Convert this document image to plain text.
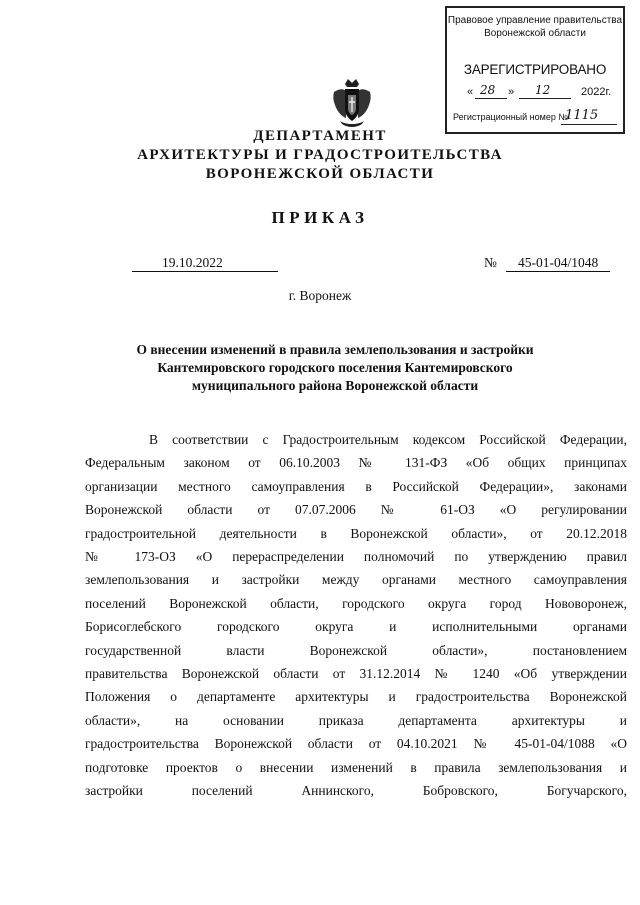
Правовое управление правительства
Воронежской области
ЗАРЕГИСТРИРОВАНО
« 28 » 12	2022г.
Регистрационный номер №
1115
ДЕПАРТАМЕНТ
АРХИТЕКТУРЫ И ГРАДОСТРОИТЕЛЬСТВА
ВОРОНЕЖСКОЙ ОБЛАСТИ
ПРИКАЗ
19.10.2022	№ 45-01-04/1048
г. Воронеж
О внесении изменений в правила землепользования и застройки
Кантемировского городского поселения Кантемировского
муниципального района Воронежской области
В соответствии с Градостроительным кодексом Российской Федерации,
Федеральным законом от 06.10.2003 № 131-ФЗ «Об общих принципах
организации местного самоуправления в Российской Федерации», законами
Воронежской области от 07.07.2006 № 61-ОЗ «О регулировании
градостроительной деятельности в Воронежской области», от 20.12.2018
№ 173-ОЗ «О перераспределении полномочий по утверждению правил
землепользования и застройки между органами местного самоуправления
поселений Воронежской области, городского округа город Нововоронеж,
Борисоглебского городского округа и исполнительными органами
государственной власти Воронежской области», постановлением
правительства Воронежской области от 31.12.2014 № 1240 «Об утверждении
Положения о департаменте архитектуры и градостроительства Воронежской
области», на основании приказа департамента архитектуры и
градостроительства Воронежской области от 04.10.2021 № 45-01-04/1088 «О
подготовке проектов о внесении изменений в правила землепользования и
застройки поселений Аннинского, Бобровского, Богучарского,
